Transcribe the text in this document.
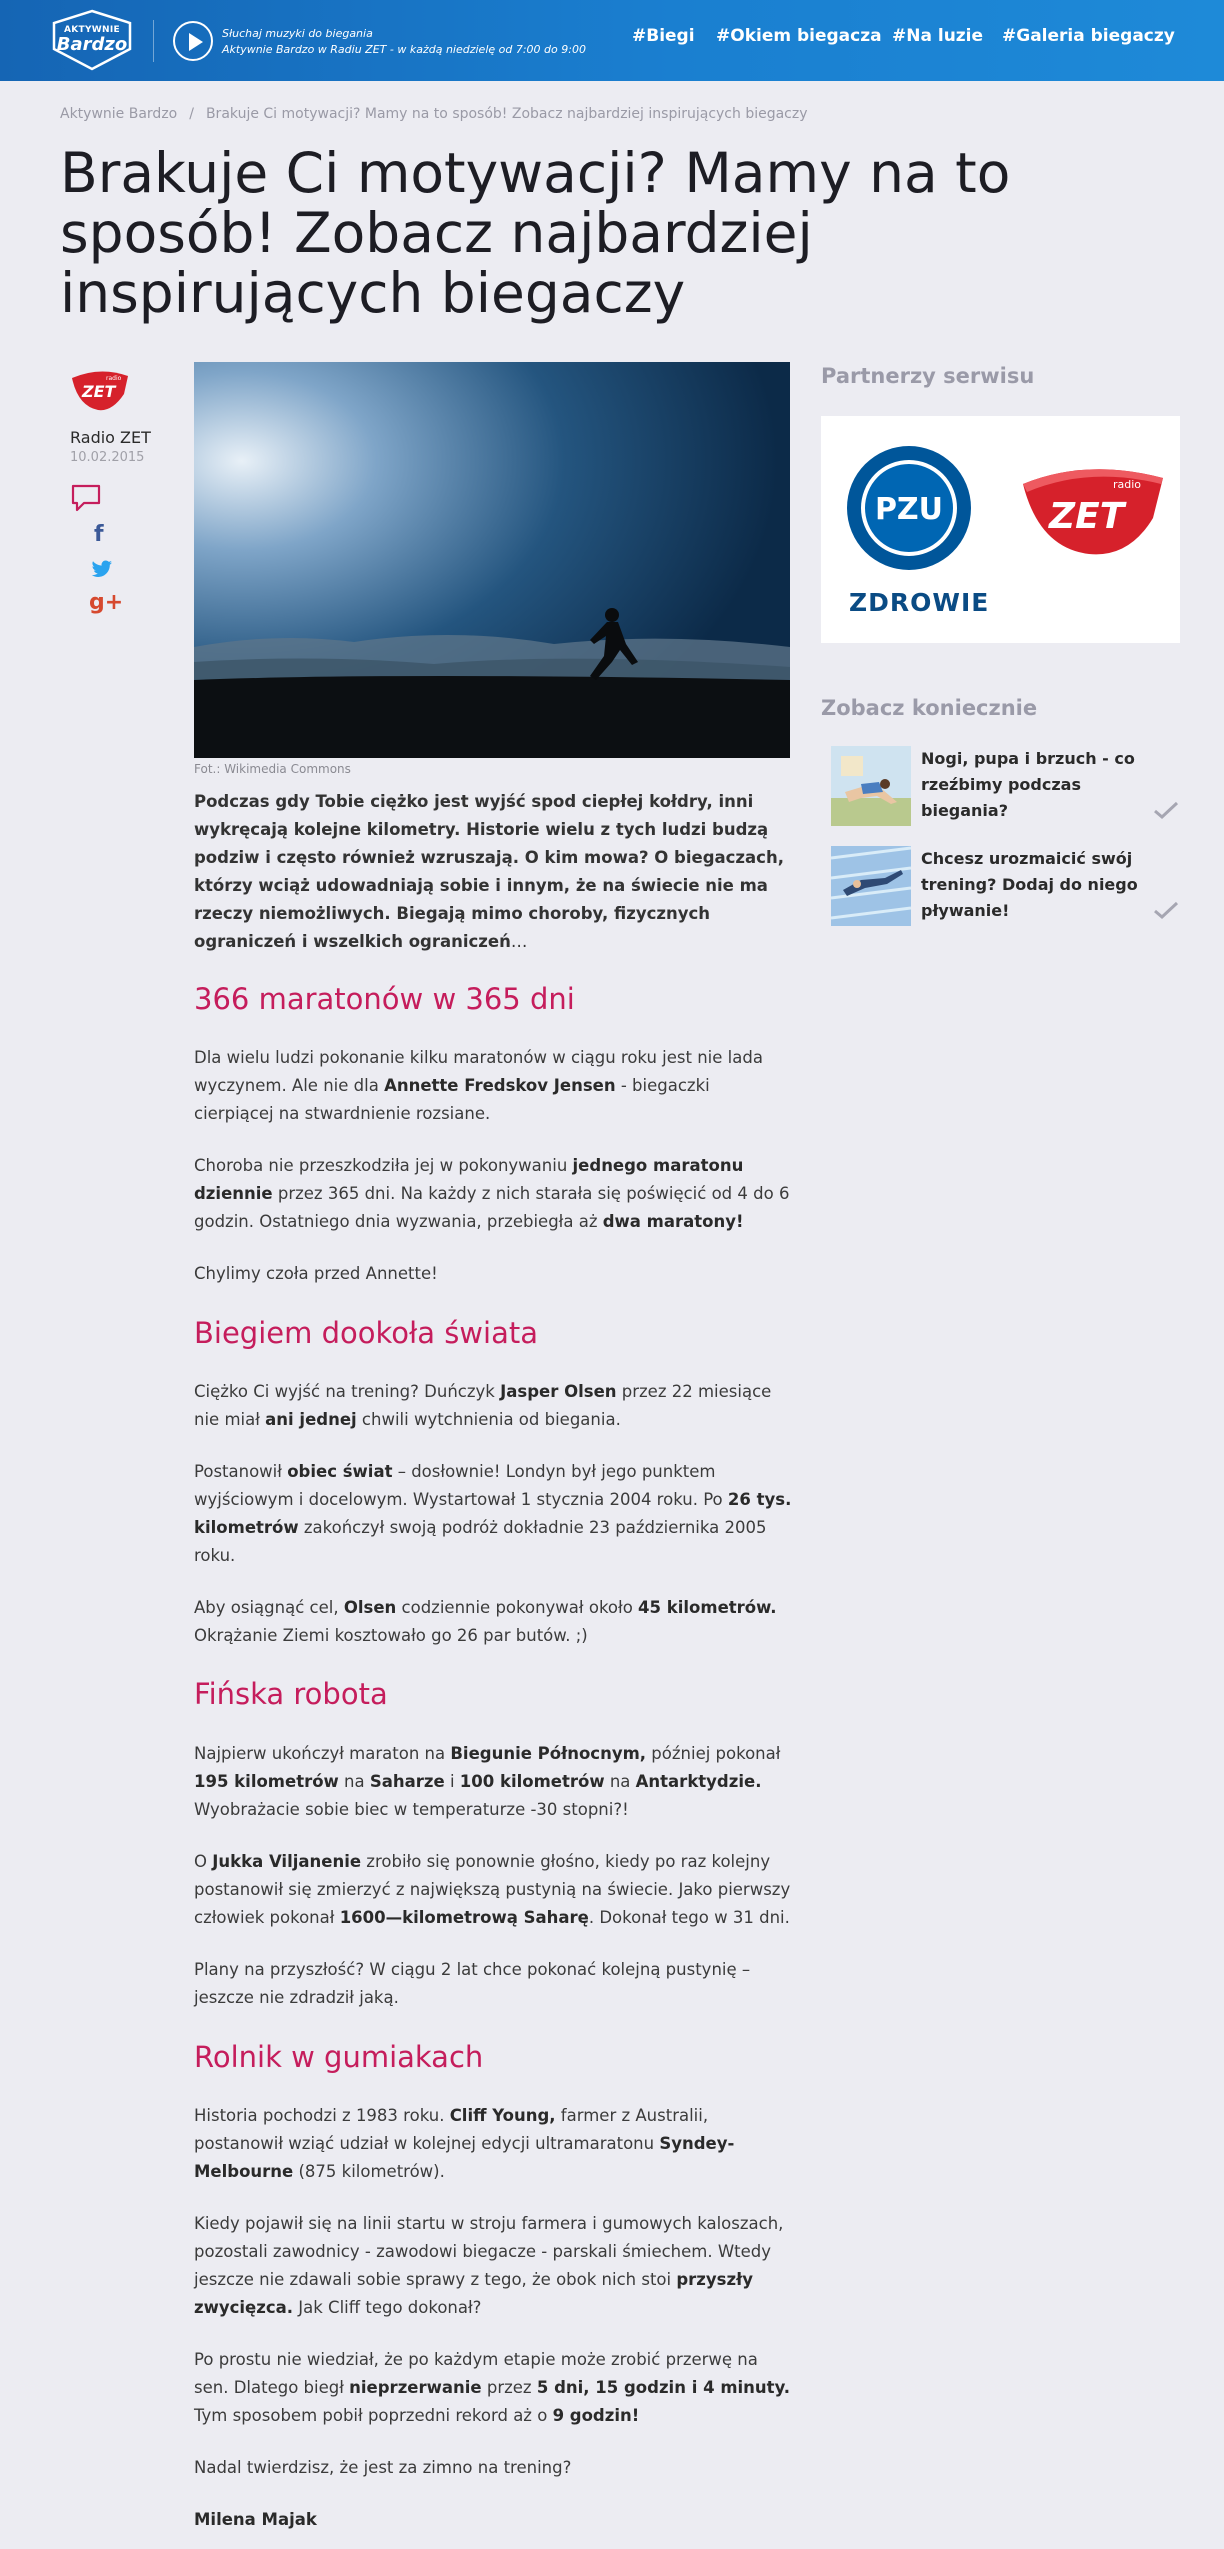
AKTYWNIE
Bardzo
Słuchaj muzyki do biegania
Aktywnie Bardzo w Radiu ZET - w każdą niedzielę od 7:00 do 9:00
#Biegi #Okiem biegacza #Na luzie #Galeria biegaczy
Aktywnie Bardzo / Brakuje Ci motywacji? Mamy na to sposób! Zobacz najbardziej inspirujących biegaczy
Brakuje Ci motywacji? Mamy na to sposób! Zobacz najbardziej inspirujących biegaczy
radio
ZET
Radio ZET
10.02.2015
f
g+
Fot.: Wikimedia Commons
Podczas gdy Tobie ciężko jest wyjść spod ciepłej kołdry, inni wykręcają kolejne kilometry. Historie wielu z tych ludzi budzą podziw i często również wzruszają. O kim mowa? O biegaczach, którzy wciąż udowadniają sobie i innym, że na świecie nie ma rzeczy niemożliwych. Biegają mimo choroby, fizycznych ograniczeń i wszelkich ograniczeń…
366 maratonów w 365 dni

Dla wielu ludzi pokonanie kilku maratonów w ciągu roku jest nie lada wyczynem. Ale nie dla Annette Fredskov Jensen - biegaczki cierpiącej na stwardnienie rozsiane.

Choroba nie przeszkodziła jej w pokonywaniu jednego maratonu dziennie przez 365 dni. Na każdy z nich starała się poświęcić od 4 do 6 godzin. Ostatniego dnia wyzwania, przebiegła aż dwa maratony!

Chylimy czoła przed Annette!

Biegiem dookoła świata

Ciężko Ci wyjść na trening? Duńczyk Jasper Olsen przez 22 miesiące nie miał ani jednej chwili wytchnienia od biegania.

Postanowił obiec świat – dosłownie! Londyn był jego punktem wyjściowym i docelowym. Wystartował 1 stycznia 2004 roku. Po 26 tys. kilometrów zakończył swoją podróż dokładnie 23 października 2005 roku.

Aby osiągnąć cel, Olsen codziennie pokonywał około 45 kilometrów. Okrążanie Ziemi kosztowało go 26 par butów. ;)

Fińska robota

Najpierw ukończył maraton na Biegunie Północnym, później pokonał 195 kilometrów na Saharze i 100 kilometrów na Antarktydzie. Wyobrażacie sobie biec w temperaturze -30 stopni?!

O Jukka Viljanenie zrobiło się ponownie głośno, kiedy po raz kolejny postanowił się zmierzyć z największą pustynią na świecie. Jako pierwszy człowiek pokonał 1600—kilometrową Saharę. Dokonał tego w 31 dni.

Plany na przyszłość? W ciągu 2 lat chce pokonać kolejną pustynię – jeszcze nie zdradził jaką.

Rolnik w gumiakach

Historia pochodzi z 1983 roku. Cliff Young, farmer z Australii, postanowił wziąć udział w kolejnej edycji ultramaratonu Syndey-Melbourne (875 kilometrów).

Kiedy pojawił się na linii startu w stroju farmera i gumowych kaloszach, pozostali zawodnicy - zawodowi biegacze - parskali śmiechem. Wtedy jeszcze nie zdawali sobie sprawy z tego, że obok nich stoi przyszły zwycięzca. Jak Cliff tego dokonał?

Po prostu nie wiedział, że po każdym etapie może zrobić przerwę na sen. Dlatego biegł nieprzerwanie przez 5 dni, 15 godzin i 4 minuty. Tym sposobem pobił poprzedni rekord aż o 9 godzin!

Nadal twierdzisz, że jest za zimno na trening?

Milena Majak

Partnerzy serwisu
PZU
ZDROWIE
radio
ZET
Zobacz koniecznie
Nogi, pupa i brzuch - co rzeźbimy podczas biegania?
Chcesz urozmaicić swój trening? Dodaj do niego pływanie!
